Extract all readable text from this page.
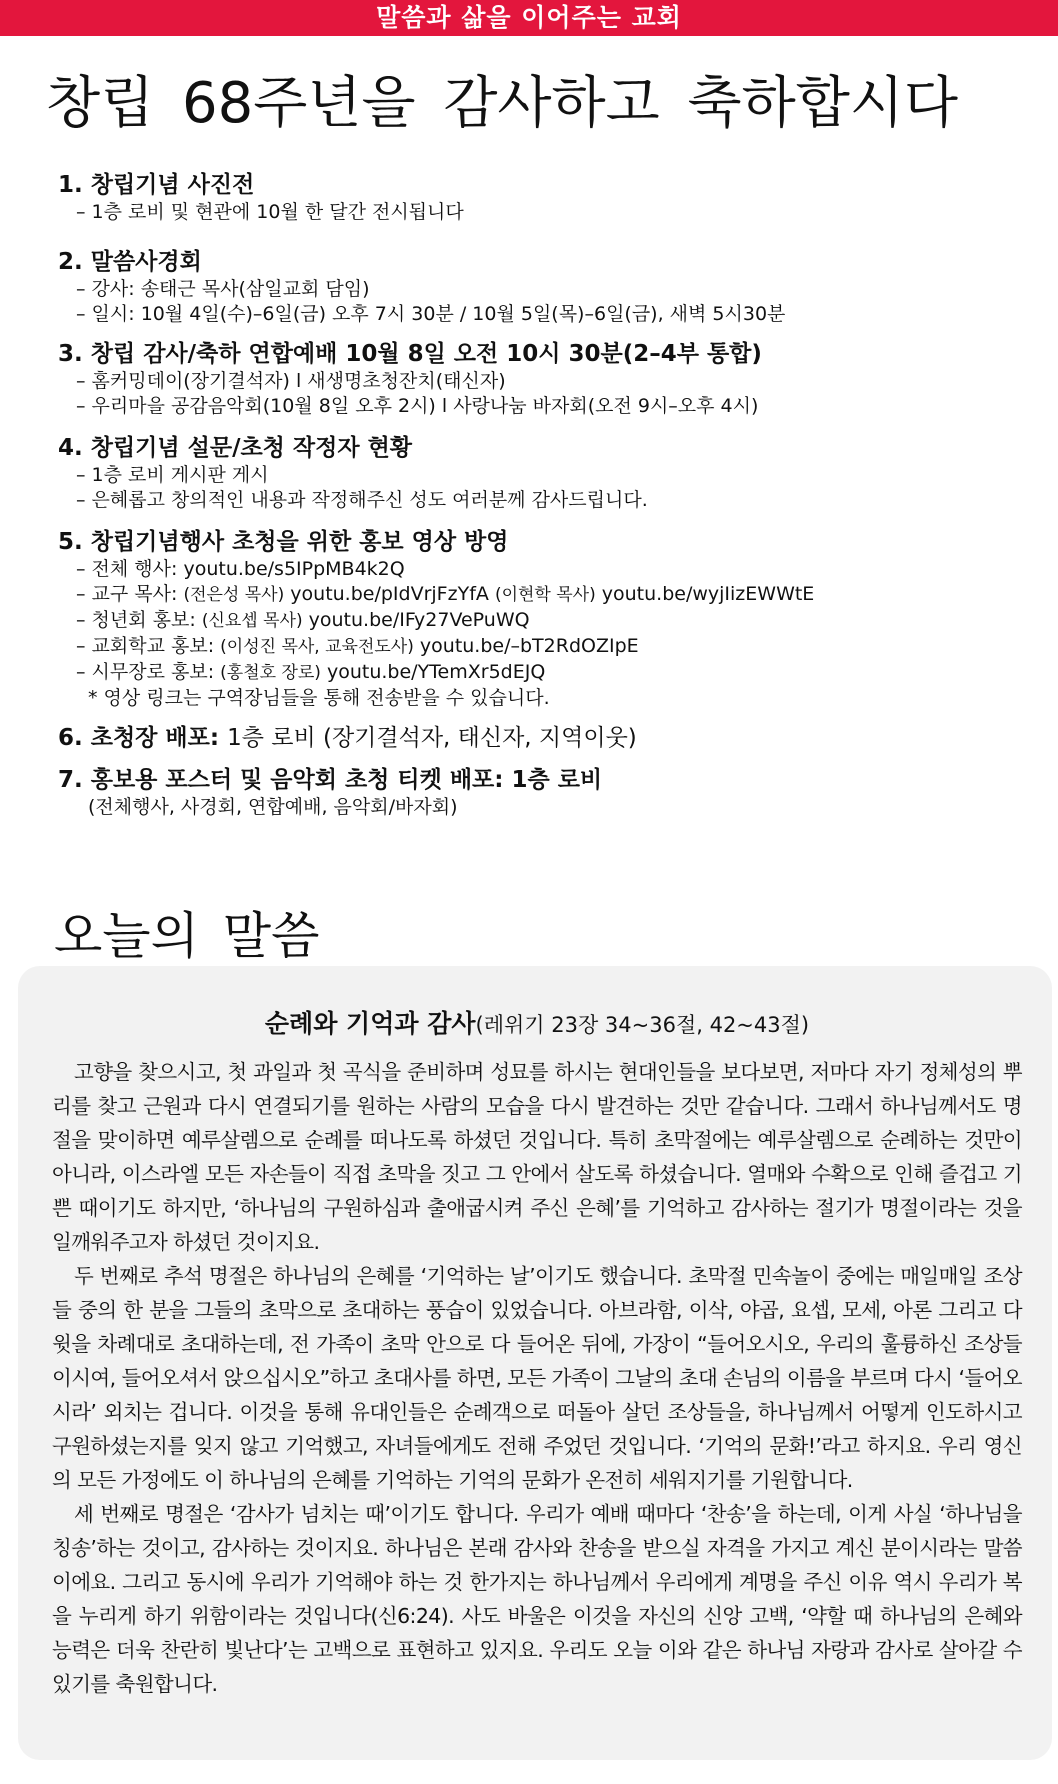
말씀과 삶을 이어주는 교회
창립 68주년을 감사하고 축하합시다
1. 창립기념 사진전
– 1층 로비 및 현관에 10월 한 달간 전시됩니다
2. 말씀사경회
– 강사: 송태근 목사(삼일교회 담임)
– 일시: 10월 4일(수)–6일(금) 오후 7시 30분 / 10월 5일(목)–6일(금), 새벽 5시30분
3. 창립 감사/축하 연합예배 10월 8일 오전 10시 30분(2–4부 통합)
– 홈커밍데이(장기결석자) l 새생명초청잔치(태신자)
– 우리마을 공감음악회(10월 8일 오후 2시) l 사랑나눔 바자회(오전 9시–오후 4시)
4. 창립기념 설문/초청 작정자 현황
– 1층 로비 게시판 게시
– 은혜롭고 창의적인 내용과 작정해주신 성도 여러분께 감사드립니다.
5. 창립기념행사 초청을 위한 홍보 영상 방영
– 전체 행사: youtu.be/s5IPpMB4k2Q
– 교구 목사: (전은성 목사) youtu.be/pIdVrjFzYfA (이현학 목사) youtu.be/wyjIizEWWtE
– 청년회 홍보: (신요셉 목사) youtu.be/IFy27VePuWQ
– 교회학교 홍보: (이성진 목사, 교육전도사) youtu.be/–bT2RdOZIpE
– 시무장로 홍보: (홍철호 장로) youtu.be/YTemXr5dEJQ
* 영상 링크는 구역장님들을 통해 전송받을 수 있습니다.
6. 초청장 배포: 1층 로비 (장기결석자, 태신자, 지역이웃)
7. 홍보용 포스터 및 음악회 초청 티켓 배포: 1층 로비
(전체행사, 사경회, 연합예배, 음악회/바자회)
오늘의 말씀
순례와 기억과 감사(레위기 23장 34~36절, 42~43절)

고향을 찾으시고, 첫 과일과 첫 곡식을 준비하며 성묘를 하시는 현대인들을 보다보면, 저마다 자기 정체성의 뿌리를 찾고 근원과 다시 연결되기를 원하는 사람의 모습을 다시 발견하는 것만 같습니다. 그래서 하나님께서도 명절을 맞이하면 예루살렘으로 순례를 떠나도록 하셨던 것입니다. 특히 초막절에는 예루살렘으로 순례하는 것만이 아니라, 이스라엘 모든 자손들이 직접 초막을 짓고 그 안에서 살도록 하셨습니다. 열매와 수확으로 인해 즐겁고 기쁜 때이기도 하지만, ‘하나님의 구원하심과 출애굽시켜 주신 은혜’를 기억하고 감사하는 절기가 명절이라는 것을 일깨워주고자 하셨던 것이지요.

두 번째로 추석 명절은 하나님의 은혜를 ‘기억하는 날’이기도 했습니다. 초막절 민속놀이 중에는 매일매일 조상들 중의 한 분을 그들의 초막으로 초대하는 풍습이 있었습니다. 아브라함, 이삭, 야곱, 요셉, 모세, 아론 그리고 다윗을 차례대로 초대하는데, 전 가족이 초막 안으로 다 들어온 뒤에, 가장이 “들어오시오, 우리의 훌륭하신 조상들이시여, 들어오셔서 앉으십시오”하고 초대사를 하면, 모든 가족이 그날의 초대 손님의 이름을 부르며 다시 ‘들어오시라’ 외치는 겁니다. 이것을 통해 유대인들은 순례객으로 떠돌아 살던 조상들을, 하나님께서 어떻게 인도하시고 구원하셨는지를 잊지 않고 기억했고, 자녀들에게도 전해 주었던 것입니다. ‘기억의 문화!’라고 하지요. 우리 영신의 모든 가정에도 이 하나님의 은혜를 기억하는 기억의 문화가 온전히 세워지기를 기원합니다.

세 번째로 명절은 ‘감사가 넘치는 때’이기도 합니다. 우리가 예배 때마다 ‘찬송’을 하는데, 이게 사실 ‘하나님을 칭송’하는 것이고, 감사하는 것이지요. 하나님은 본래 감사와 찬송을 받으실 자격을 가지고 계신 분이시라는 말씀이에요. 그리고 동시에 우리가 기억해야 하는 것 한가지는 하나님께서 우리에게 계명을 주신 이유 역시 우리가 복을 누리게 하기 위함이라는 것입니다(신6:24). 사도 바울은 이것을 자신의 신앙 고백, ‘약할 때 하나님의 은혜와 능력은 더욱 찬란히 빛난다’는 고백으로 표현하고 있지요. 우리도 오늘 이와 같은 하나님 자랑과 감사로 살아갈 수 있기를 축원합니다.
